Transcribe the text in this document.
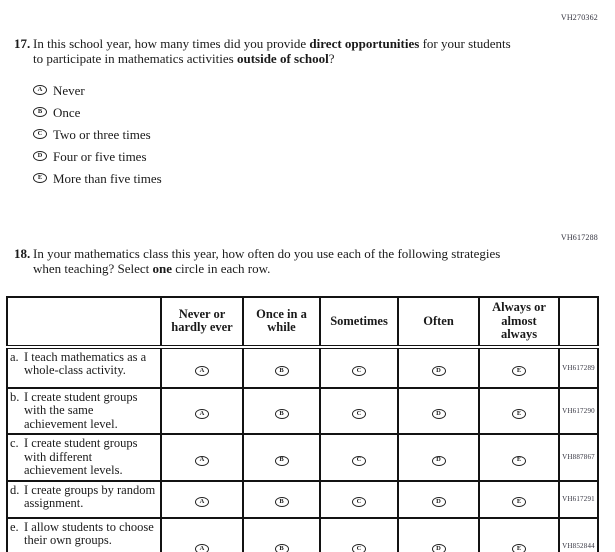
VH270362
17. In this school year, how many times did you provide direct opportunities for your students to participate in mathematics activities outside of school?

A Never
B Once
C Two or three times
D Four or five times
E More than five times
VH617288
18. In your mathematics class this year, how often do you use each of the following strategies when teaching? Select one circle in each row.

	Never or hardly ever	Once in a while	Sometimes	Often	Always or almost always	

a. I teach mathematics as a whole-class activity.	A	B	C	D	E	VH617289

b. I create student groups with the same achievement level.	A	B	C	D	E	VH617290

c. I create student groups with different achievement levels.	A	B	C	D	E	VH887867

d. I create groups by random assignment.	A	B	C	D	E	VH617291

e. I allow students to choose their own groups.	A	B	C	D	E	VH852844
